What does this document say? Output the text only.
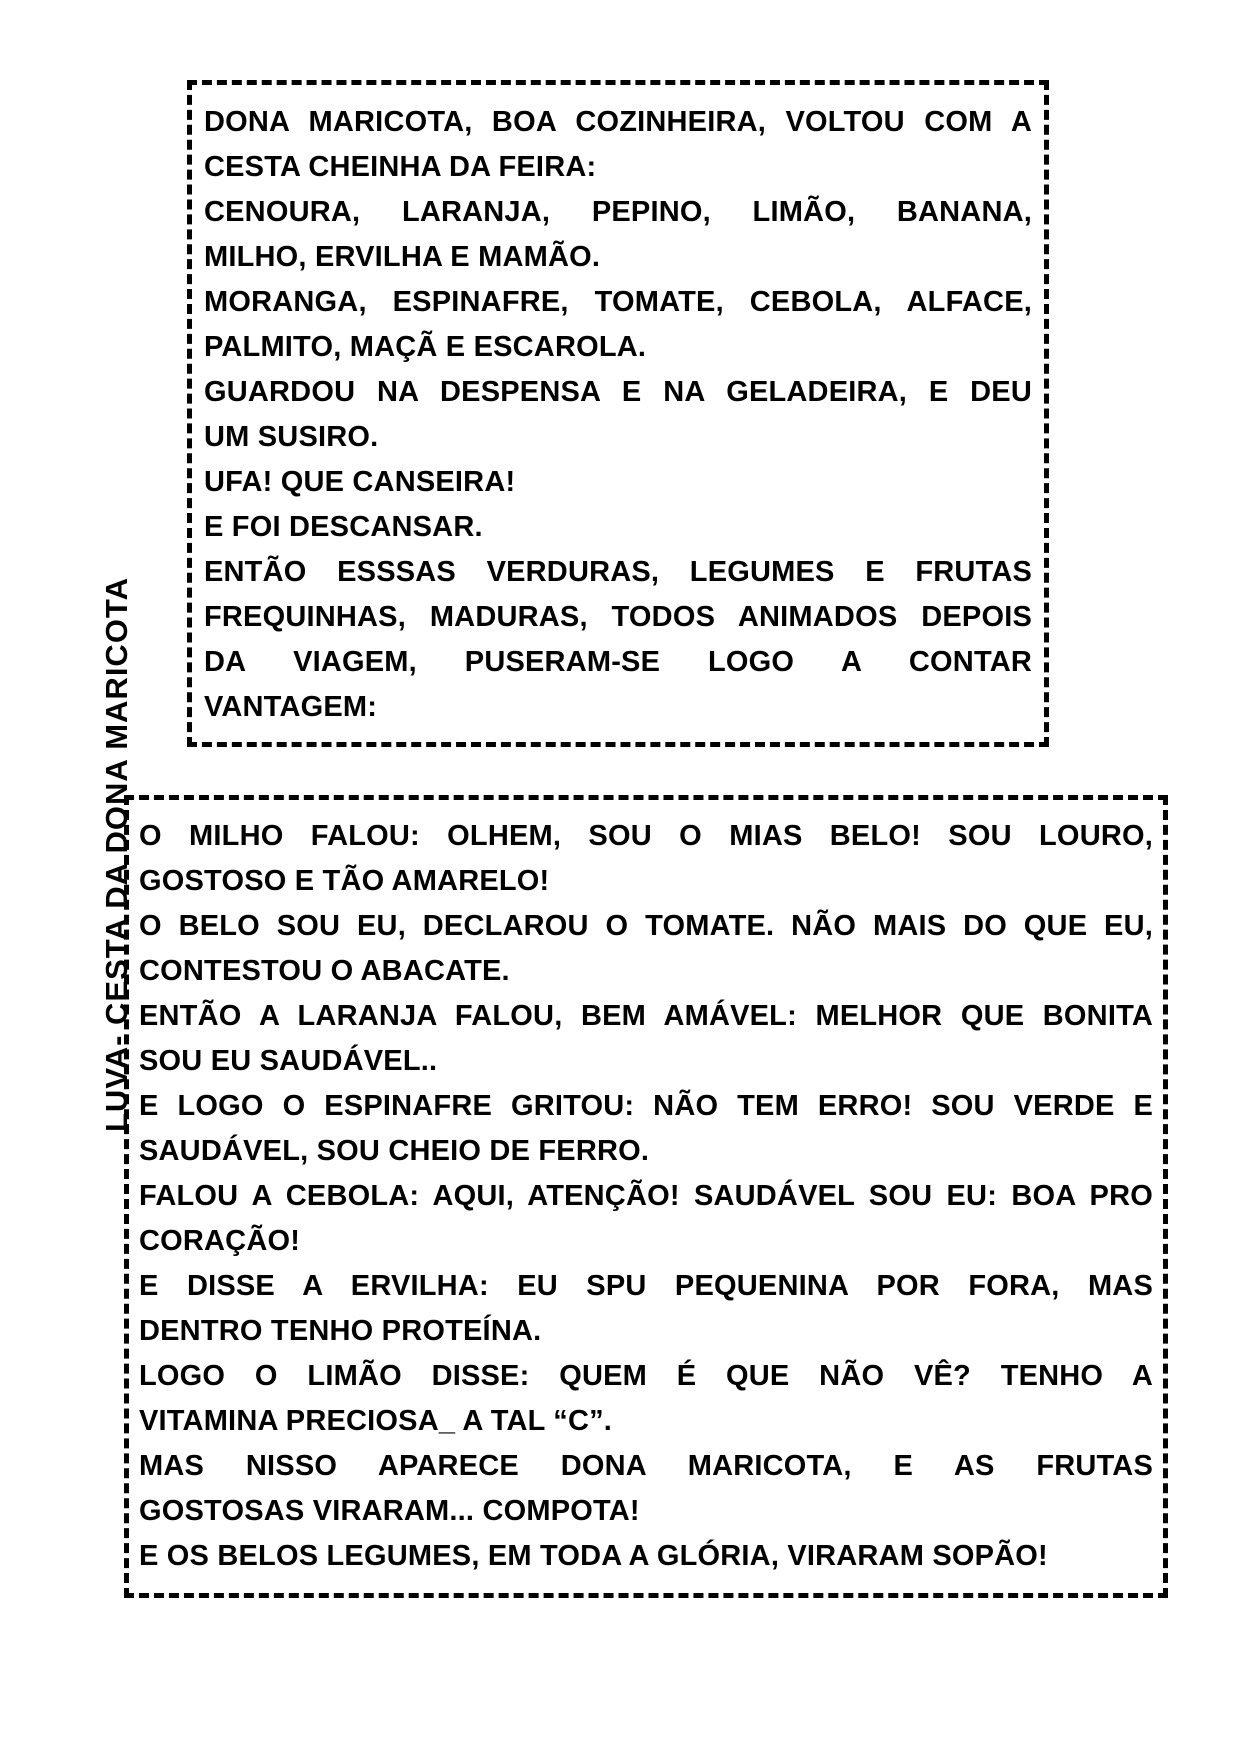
LUVA- CESTA DA DONA MARICOTA
DONA MARICOTA, BOA COZINHEIRA, VOLTOU COM A
CESTA CHEINHA DA FEIRA:
CENOURA, LARANJA, PEPINO, LIMÃO, BANANA,
MILHO, ERVILHA E MAMÃO.
MORANGA, ESPINAFRE, TOMATE, CEBOLA, ALFACE,
PALMITO, MAÇÃ E ESCAROLA.
GUARDOU NA DESPENSA E NA GELADEIRA, E DEU
UM SUSIRO.
UFA! QUE CANSEIRA!
E FOI DESCANSAR.
ENTÃO ESSSAS VERDURAS, LEGUMES E FRUTAS
FREQUINHAS, MADURAS, TODOS ANIMADOS DEPOIS
DA VIAGEM, PUSERAM-SE LOGO A CONTAR
VANTAGEM:
O MILHO FALOU: OLHEM, SOU O MIAS BELO! SOU LOURO,
GOSTOSO E TÃO AMARELO!
O BELO SOU EU, DECLAROU O TOMATE. NÃO MAIS DO QUE EU,
CONTESTOU O ABACATE.
ENTÃO A LARANJA FALOU, BEM AMÁVEL: MELHOR QUE BONITA
SOU EU SAUDÁVEL..
E LOGO O ESPINAFRE GRITOU: NÃO TEM ERRO! SOU VERDE E
SAUDÁVEL, SOU CHEIO DE FERRO.
FALOU A CEBOLA: AQUI, ATENÇÃO! SAUDÁVEL SOU EU: BOA PRO
CORAÇÃO!
E DISSE A ERVILHA: EU SPU PEQUENINA POR FORA, MAS
DENTRO TENHO PROTEÍNA.
LOGO O LIMÃO DISSE: QUEM É QUE NÃO VÊ? TENHO A
VITAMINA PRECIOSA_ A TAL “C”.
MAS NISSO APARECE DONA MARICOTA, E AS FRUTAS
GOSTOSAS VIRARAM... COMPOTA!
E OS BELOS LEGUMES, EM TODA A GLÓRIA, VIRARAM SOPÃO!
